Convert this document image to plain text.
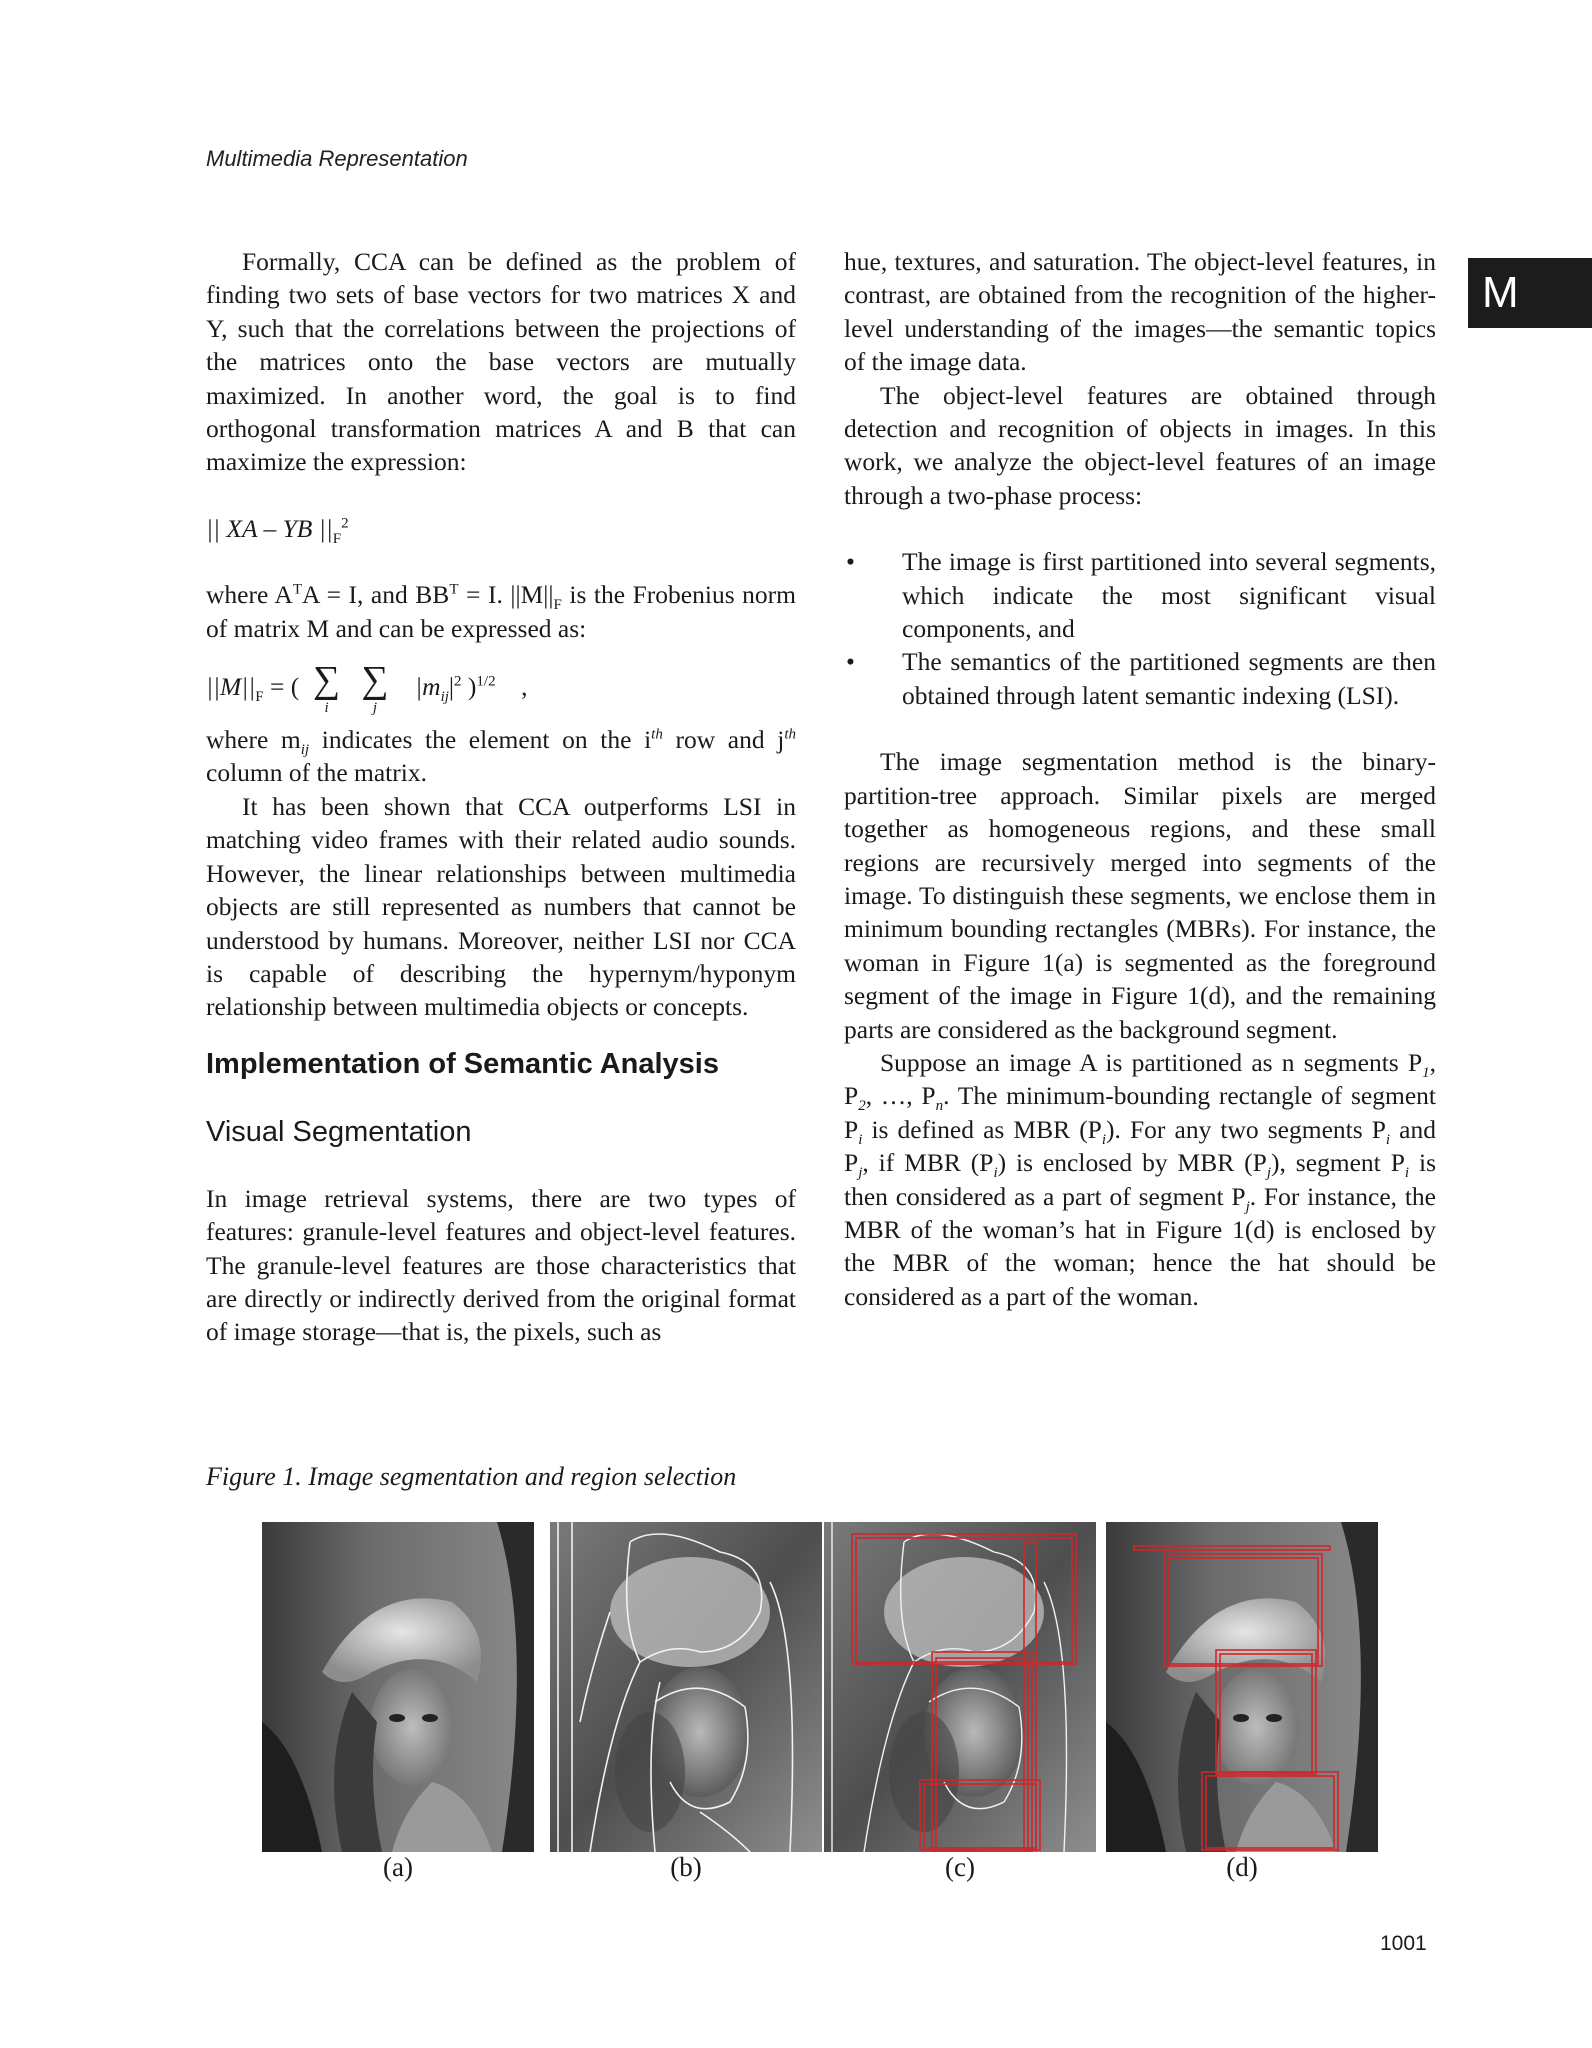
Multimedia Representation
M

Formally, CCA can be defined as the problem of finding two sets of base vectors for two matrices X and Y, such that the correlations between the projections of the matrices onto the base vectors are mutually maximized. In another word, the goal is to find orthogonal transformation matrices A and B that can maximize the expression:

|| XA – YB $||_F^2$

where $A^TA = I$, and $BB^T = I$. $||M||_F$ is the Frobenius norm of matrix M and can be expressed as:

$||M||_F$ = ( ∑
i

∑
j
$|m_{ij}|^2$ )$^{1/2}$ ,

where $m_{ij}$ indicates the element on the $i^{th}$ row and $j^{th}$ column of the matrix.

It has been shown that CCA outperforms LSI in matching video frames with their related audio sounds. However, the linear relationships between multimedia objects are still represented as numbers that cannot be understood by humans. Moreover, neither LSI nor CCA is capable of describing the hypernym/hyponym relationship between multimedia objects or concepts.

Implementation of Semantic Analysis
Visual Segmentation

In image retrieval systems, there are two types of features: granule-level features and object-level features. The granule-level features are those characteristics that are directly or indirectly derived from the original format of image storage—that is, the pixels, such as

hue, textures, and saturation. The object-level features, in contrast, are obtained from the recognition of the higher-level understanding of the images—the semantic topics of the image data.

The object-level features are obtained through detection and recognition of objects in images. In this work, we analyze the object-level features of an image through a two-phase process:

• The image is first partitioned into several segments, which indicate the most significant visual components, and
• The semantics of the partitioned segments are then obtained through latent semantic indexing (LSI).

The image segmentation method is the binary-partition-tree approach. Similar pixels are merged together as homogeneous regions, and these small regions are recursively merged into segments of the image. To distinguish these segments, we enclose them in minimum bounding rectangles (MBRs). For instance, the woman in Figure 1(a) is segmented as the foreground segment of the image in Figure 1(d), and the remaining parts are considered as the background segment.

Suppose an image A is partitioned as n segments $P_1$, $P_2$, …, $P_n$. The minimum-bounding rectangle of segment $P_i$ is defined as MBR $(P_i)$. For any two segments $P_i$ and $P_j$, if MBR $(P_i)$ is enclosed by MBR $(P_j)$, segment $P_i$ is then considered as a part of segment $P_j$. For instance, the MBR of the woman’s hat in Figure 1(d) is enclosed by the MBR of the woman; hence the hat should be considered as a part of the woman.

Figure 1. Image segmentation and region selection
(a)	(b)	(c)	(d)
1001
